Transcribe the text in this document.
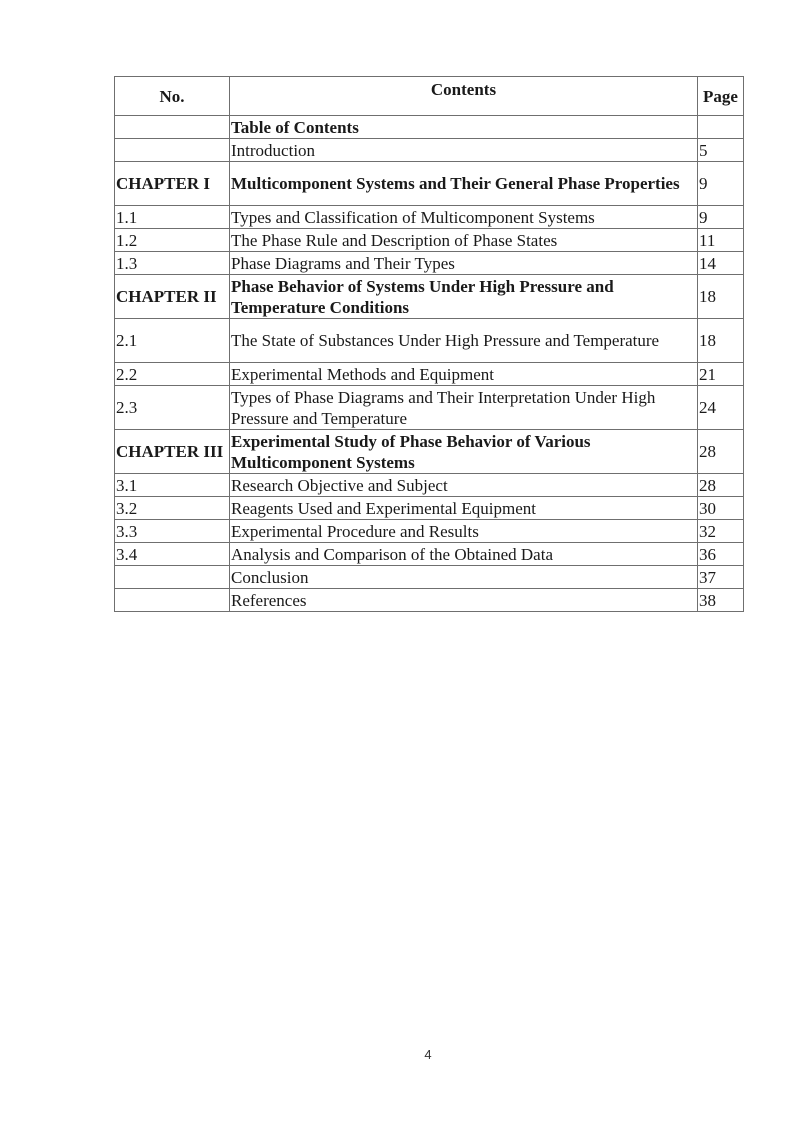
No.	Contents	Page
	Table of Contents	
	Introduction	5
CHAPTER I	Multicomponent Systems and Their General Phase Properties	9
1.1	Types and Classification of Multicomponent Systems	9
1.2	The Phase Rule and Description of Phase States	11
1.3	Phase Diagrams and Their Types	14
CHAPTER II	Phase Behavior of Systems Under High Pressure and Temperature Conditions	18
2.1	The State of Substances Under High Pressure and Temperature	18
2.2	Experimental Methods and Equipment	21
2.3	Types of Phase Diagrams and Their Interpretation Under High Pressure and Temperature	24
CHAPTER III	Experimental Study of Phase Behavior of Various Multicomponent Systems	28
3.1	Research Objective and Subject	28
3.2	Reagents Used and Experimental Equipment	30
3.3	Experimental Procedure and Results	32
3.4	Analysis and Comparison of the Obtained Data	36
	Conclusion	37
	References	38
4
